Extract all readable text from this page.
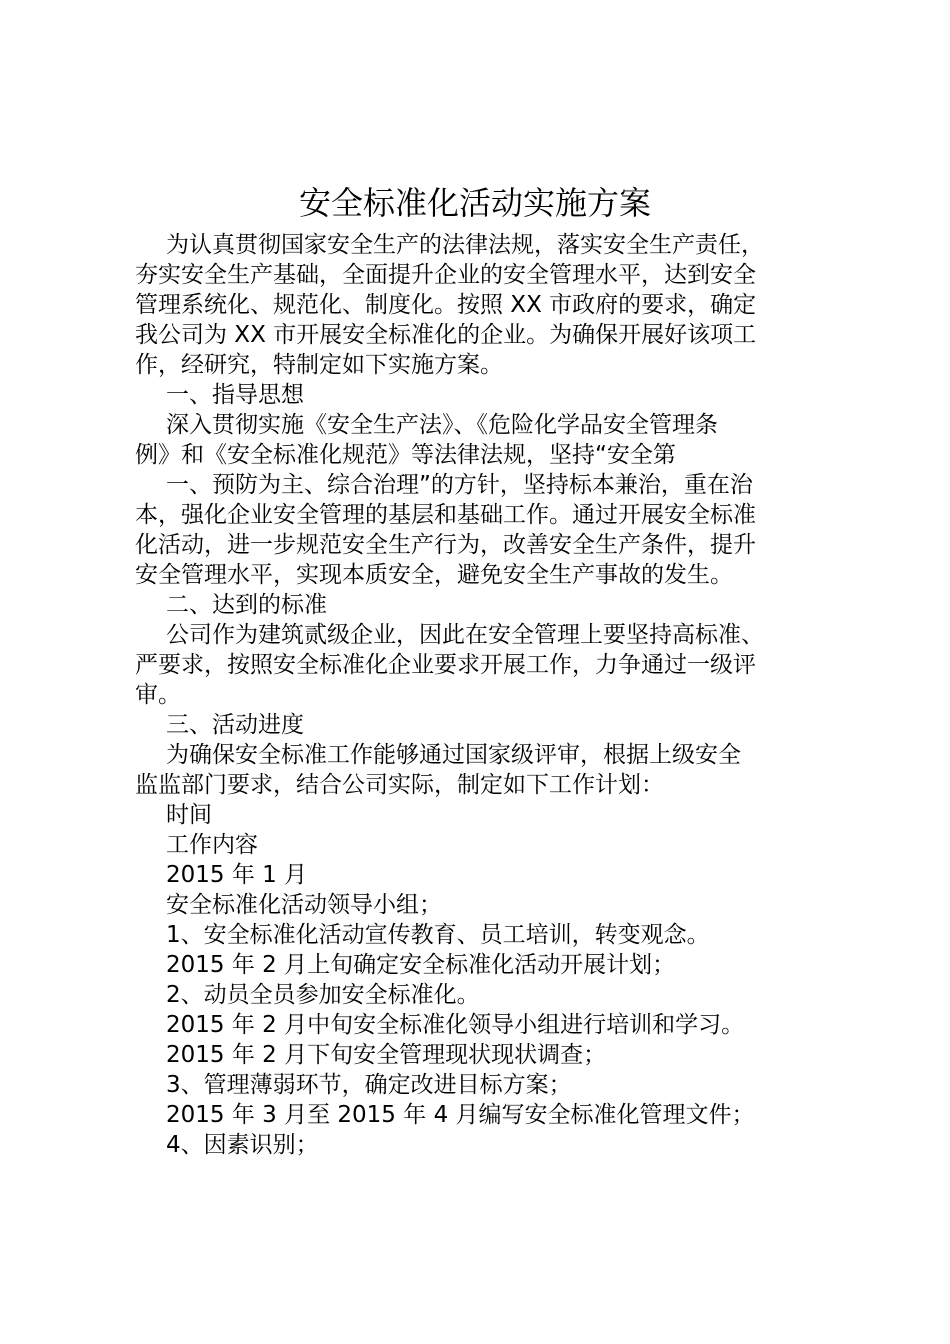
安全标准化活动实施方案
为认真贯彻国家安全生产的法律法规，落实安全生产责任，
夯实安全生产基础，全面提升企业的安全管理水平，达到安全
管理系统化、规范化、制度化。按照 XX 市政府的要求，确定
我公司为 XX 市开展安全标准化的企业。为确保开展好该项工
作，经研究，特制定如下实施方案。
一、指导思想
深入贯彻实施《安全生产法》、《危险化学品安全管理条
例》和《安全标准化规范》等法律法规，坚持“安全第
一、预防为主、综合治理”的方针，坚持标本兼治，重在治
本，强化企业安全管理的基层和基础工作。通过开展安全标准
化活动，进一步规范安全生产行为，改善安全生产条件，提升
安全管理水平，实现本质安全，避免安全生产事故的发生。
二、达到的标准
公司作为建筑贰级企业，因此在安全管理上要坚持高标准、
严要求，按照安全标准化企业要求开展工作，力争通过一级评
审。
三、活动进度
为确保安全标准工作能够通过国家级评审，根据上级安全
监监部门要求，结合公司实际，制定如下工作计划：
时间
工作内容
2015 年 1 月
安全标准化活动领导小组；
1、安全标准化活动宣传教育、员工培训，转变观念。
2015 年 2 月上旬确定安全标准化活动开展计划；
2、动员全员参加安全标准化。
2015 年 2 月中旬安全标准化领导小组进行培训和学习。
2015 年 2 月下旬安全管理现状现状调查；
3、管理薄弱环节，确定改进目标方案；
2015 年 3 月至 2015 年 4 月编写安全标准化管理文件；
4、因素识别；
